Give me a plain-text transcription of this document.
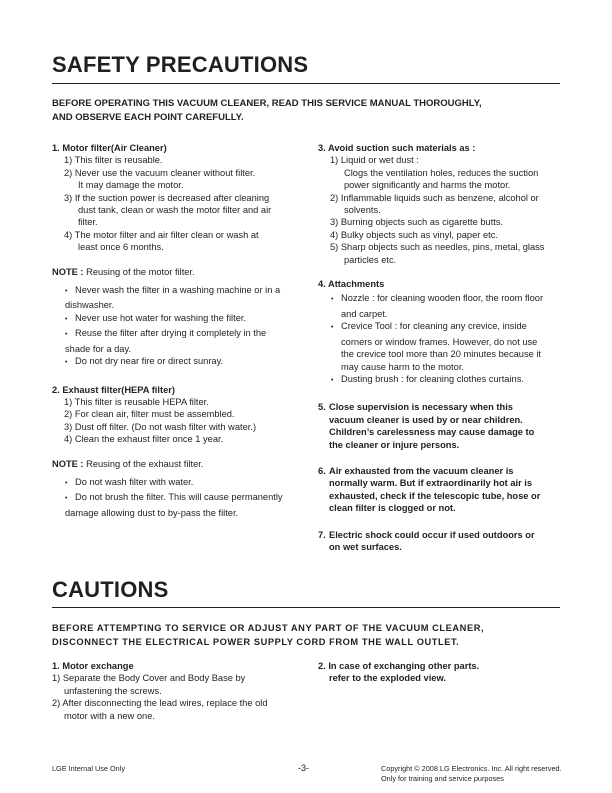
SAFETY PRECAUTIONS
BEFORE OPERATING THIS VACUUM CLEANER, READ THIS SERVICE MANUAL THOROUGHLY,
AND OBSERVE EACH POINT CAREFULLY.
1. Motor filter(Air Cleaner)
1) This filter is reusable.
2) Never use the vacuum cleaner without filter.
It may damage the motor.
3) If the suction power is decreased after cleaning
dust tank, clean or wash the motor filter and air
filter.
4) The motor filter and air filter clean or wash at
least once 6 months.
NOTE : Reusing of the motor filter.
• Never wash the filter in a washing machine or in a
dishwasher.
• Never use hot water for washing the filter.
• Reuse the filter after drying it completely in the
shade for a day.
• Do not dry near fire or direct sunray.
2. Exhaust filter(HEPA filter)
1) This filter is reusable HEPA filter.
2) For clean air, filter must be assembled.
3) Dust off filter. (Do not wash filter with water.)
4) Clean the exhaust filter once 1 year.
NOTE : Reusing of the exhaust filter.
• Do not wash filter with water.
• Do not brush the filter. This will cause permanently
damage allowing dust to by-pass the filter.
3. Avoid suction such materials as :
1) Liquid or wet dust :
Clogs the ventilation holes, reduces the suction
power significantly and harms the motor.
2) Inflammable liquids such as benzene, alcohol or
solvents.
3) Burning objects such as cigarette butts.
4) Bulky objects such as vinyl, paper etc.
5) Sharp objects such as needles, pins, metal, glass
particles etc.
4. Attachments
• Nozzle : for cleaning wooden floor, the room floor
and carpet.
• Crevice Tool : for cleaning any crevice, inside
corners or window frames. However, do not use
the crevice tool more than 20 minutes because it
may cause harm to the motor.
• Dusting brush : for cleaning clothes curtains.
5. Close supervision is necessary when this
vacuum cleaner is used by or near children.
Children’s carelessness may cause damage to
the cleaner or injure persons.
6. Air exhausted from the vacuum cleaner is
normally warm. But if extraordinarily hot air is
exhausted, check if the telescopic tube, hose or
clean filter is clogged or not.
7. Electric shock could occur if used outdoors or
on wet surfaces.
CAUTIONS
BEFORE ATTEMPTING TO SERVICE OR ADJUST ANY PART OF THE VACUUM CLEANER,
DISCONNECT THE ELECTRICAL POWER SUPPLY CORD FROM THE WALL OUTLET.
1. Motor exchange
1) Separate the Body Cover and Body Base by
unfastening the screws.
2) After disconnecting the lead wires, replace the old
motor with a new one.
2. In case of exchanging other parts.
refer to the exploded view.
LGE Internal Use Only	-3-	Copyright © 2008 LG Electronics. Inc. All right reserved.
Only for training and service purposes
